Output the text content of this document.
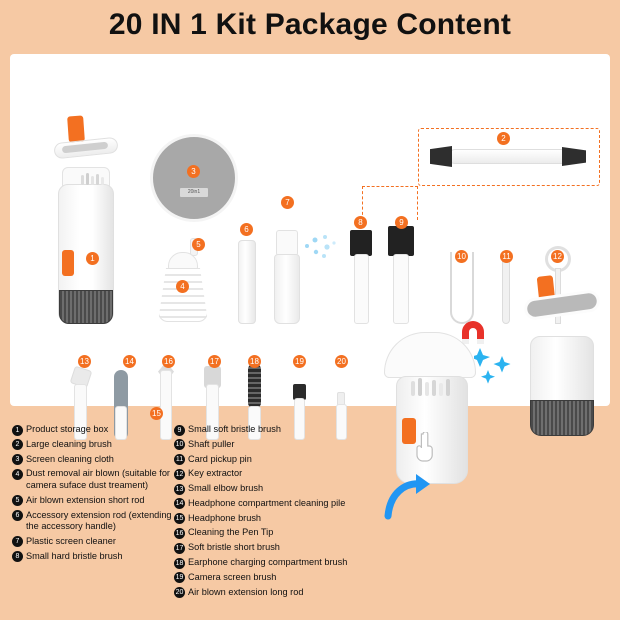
20 IN 1 Kit Package Content
20in1
1
2
3
4
5
6
7
8	9
10	11	12
13	14
15
16	17	18	19	20
1 Product storage box
2 Large cleaning brush
3 Screen cleaning cloth
4 Dust removal air blown (suitable for camera suface dust treament)
5 Air blown extension short rod
6 Accessory extension rod (extending the accessory handle)
7 Plastic screen cleaner
8 Small hard bristle brush
9 Small soft bristle brush
10 Shaft puller
11 Card pickup pin
12 Key extractor
13 Small elbow brush
14 Headphone compartment cleaning pile
15 Headphone brush
16 Cleaning the Pen Tip
17 Soft bristle short brush
18 Earphone charging compartment brush
19 Camera screen brush
20 Air blown extension long rod
